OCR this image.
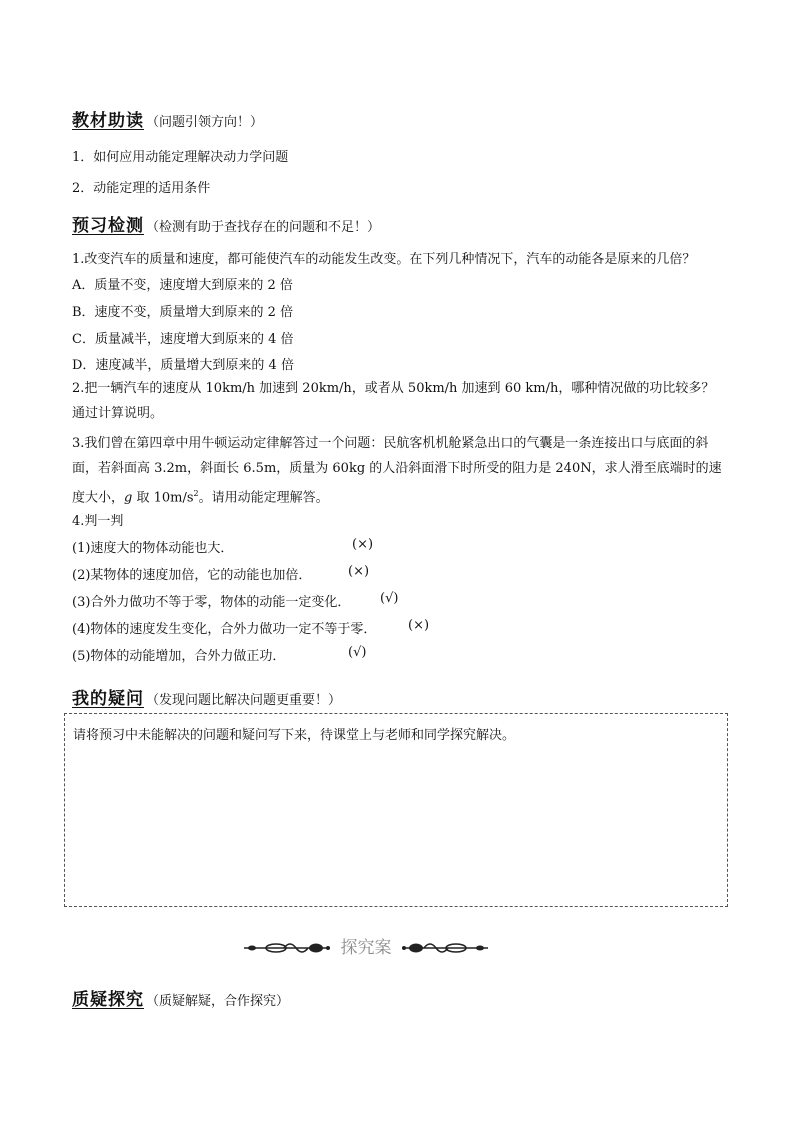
教材助读 （问题引领方向！）
1．如何应用动能定理解决动力学问题
2．动能定理的适用条件
预习检测 （检测有助于查找存在的问题和不足！）
1.改变汽车的质量和速度，都可能使汽车的动能发生改变。在下列几种情况下，汽车的动能各是原来的几倍？
A．质量不变，速度增大到原来的 2 倍
B．速度不变，质量增大到原来的 2 倍
C．质量减半，速度增大到原来的 4 倍
D．速度减半，质量增大到原来的 4 倍
2.把一辆汽车的速度从 10km/h 加速到 20km/h，或者从 50km/h 加速到 60 km/h，哪种情况做的功比较多？通过计算说明。
3.我们曾在第四章中用牛顿运动定律解答过一个问题：民航客机机舱紧急出口的气囊是一条连接出口与底面的斜面，若斜面高 3.2m，斜面长 6.5m，质量为 60kg 的人沿斜面滑下时所受的阻力是 240N，求人滑至底端时的速度大小，g 取 $10m/s^2$。请用动能定理解答。
4.判一判
(1)速度大的物体动能也大．	(×)
(2)某物体的速度加倍，它的动能也加倍．	(×)
(3)合外力做功不等于零，物体的动能一定变化． (√)
(4)物体的速度发生变化，合外力做功一定不等于零． (×)
(5)物体的动能增加，合外力做正功．	(√)
我的疑问 （发现问题比解决问题更重要！）
请将预习中未能解决的问题和疑问写下来，待课堂上与老师和同学探究解决。
探究案
质疑探究 （质疑解疑，合作探究）
